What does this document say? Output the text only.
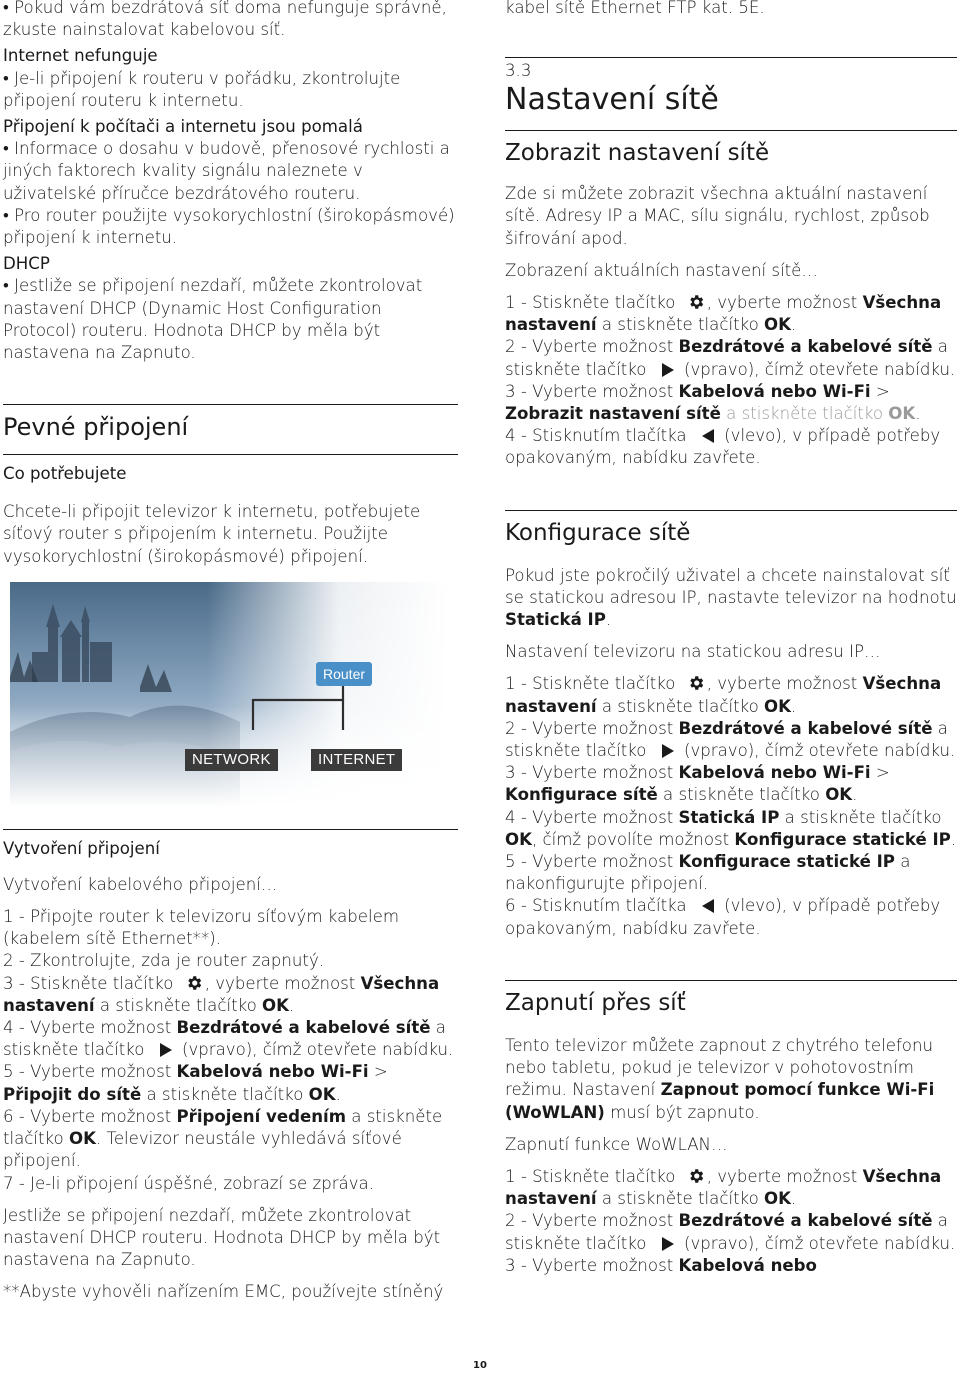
• Pokud vám bezdrátová síť doma nefunguje správně, zkuste nainstalovat kabelovou síť.

Internet nefunguje

• Je-li připojení k routeru v pořádku, zkontrolujte připojení routeru k internetu.

Připojení k počítači a internetu jsou pomalá

• Informace o dosahu v budově, přenosové rychlosti a jiných faktorech kvality signálu naleznete v uživatelské příručce bezdrátového routeru.

• Pro router použijte vysokorychlostní (širokopásmové) připojení k internetu.

DHCP

• Jestliže se připojení nezdaří, můžete zkontrolovat nastavení DHCP (Dynamic Host Configuration Protocol) routeru. Hodnota DHCP by měla být nastavena na Zapnuto.

Pevné připojení

Co potřebujete

Chcete-li připojit televizor k internetu, potřebujete síťový router s připojením k internetu. Použijte vysokorychlostní (širokopásmové) připojení.

NETWORK	INTERNET
Router

Vytvoření připojení

Vytvoření kabelového připojení…

1 - Připojte router k televizoru síťovým kabelem (kabelem sítě Ethernet**).

2 - Zkontrolujte, zda je router zapnutý.

3 - Stiskněte tlačítko , vyberte možnost Všechna nastavení a stiskněte tlačítko OK.

4 - Vyberte možnost Bezdrátové a kabelové sítě a stiskněte tlačítko  (vpravo), čímž otevřete nabídku.

5 - Vyberte možnost Kabelová nebo Wi-Fi > Připojit do sítě a stiskněte tlačítko OK.

6 - Vyberte možnost Připojení vedením a stiskněte tlačítko OK. Televizor neustále vyhledává síťové připojení.

7 - Je-li připojení úspěšné, zobrazí se zpráva.

Jestliže se připojení nezdaří, můžete zkontrolovat nastavení DHCP routeru. Hodnota DHCP by měla být nastavena na Zapnuto.

**Abyste vyhověli nařízením EMC, používejte stíněný

kabel sítě Ethernet FTP kat. 5E.

3.3

Nastavení sítě
Zobrazit nastavení sítě

Zde si můžete zobrazit všechna aktuální nastavení sítě. Adresy IP a MAC, sílu signálu, rychlost, způsob šifrování apod.

Zobrazení aktuálních nastavení sítě…

1 - Stiskněte tlačítko , vyberte možnost Všechna nastavení a stiskněte tlačítko OK.

2 - Vyberte možnost Bezdrátové a kabelové sítě a stiskněte tlačítko  (vpravo), čímž otevřete nabídku.

3 - Vyberte možnost Kabelová nebo Wi-Fi > Zobrazit nastavení sítě a stiskněte tlačítko OK.

4 - Stisknutím tlačítka  (vlevo), v případě potřeby opakovaným, nabídku zavřete.

Konfigurace sítě

Pokud jste pokročilý uživatel a chcete nainstalovat síť se statickou adresou IP, nastavte televizor na hodnotu Statická IP.

Nastavení televizoru na statickou adresu IP…

1 - Stiskněte tlačítko , vyberte možnost Všechna nastavení a stiskněte tlačítko OK.

2 - Vyberte možnost Bezdrátové a kabelové sítě a stiskněte tlačítko  (vpravo), čímž otevřete nabídku.

3 - Vyberte možnost Kabelová nebo Wi-Fi > Konfigurace sítě a stiskněte tlačítko OK.

4 - Vyberte možnost Statická IP a stiskněte tlačítko OK, čímž povolíte možnost Konfigurace statické IP.

5 - Vyberte možnost Konfigurace statické IP a nakonfigurujte připojení.

6 - Stisknutím tlačítka  (vlevo), v případě potřeby opakovaným, nabídku zavřete.

Zapnutí přes síť

Tento televizor můžete zapnout z chytrého telefonu nebo tabletu, pokud je televizor v pohotovostním režimu. Nastavení Zapnout pomocí funkce Wi-Fi (WoWLAN) musí být zapnuto.

Zapnutí funkce WoWLAN…

1 - Stiskněte tlačítko , vyberte možnost Všechna nastavení a stiskněte tlačítko OK.

2 - Vyberte možnost Bezdrátové a kabelové sítě a stiskněte tlačítko  (vpravo), čímž otevřete nabídku.

3 - Vyberte možnost Kabelová nebo

10
